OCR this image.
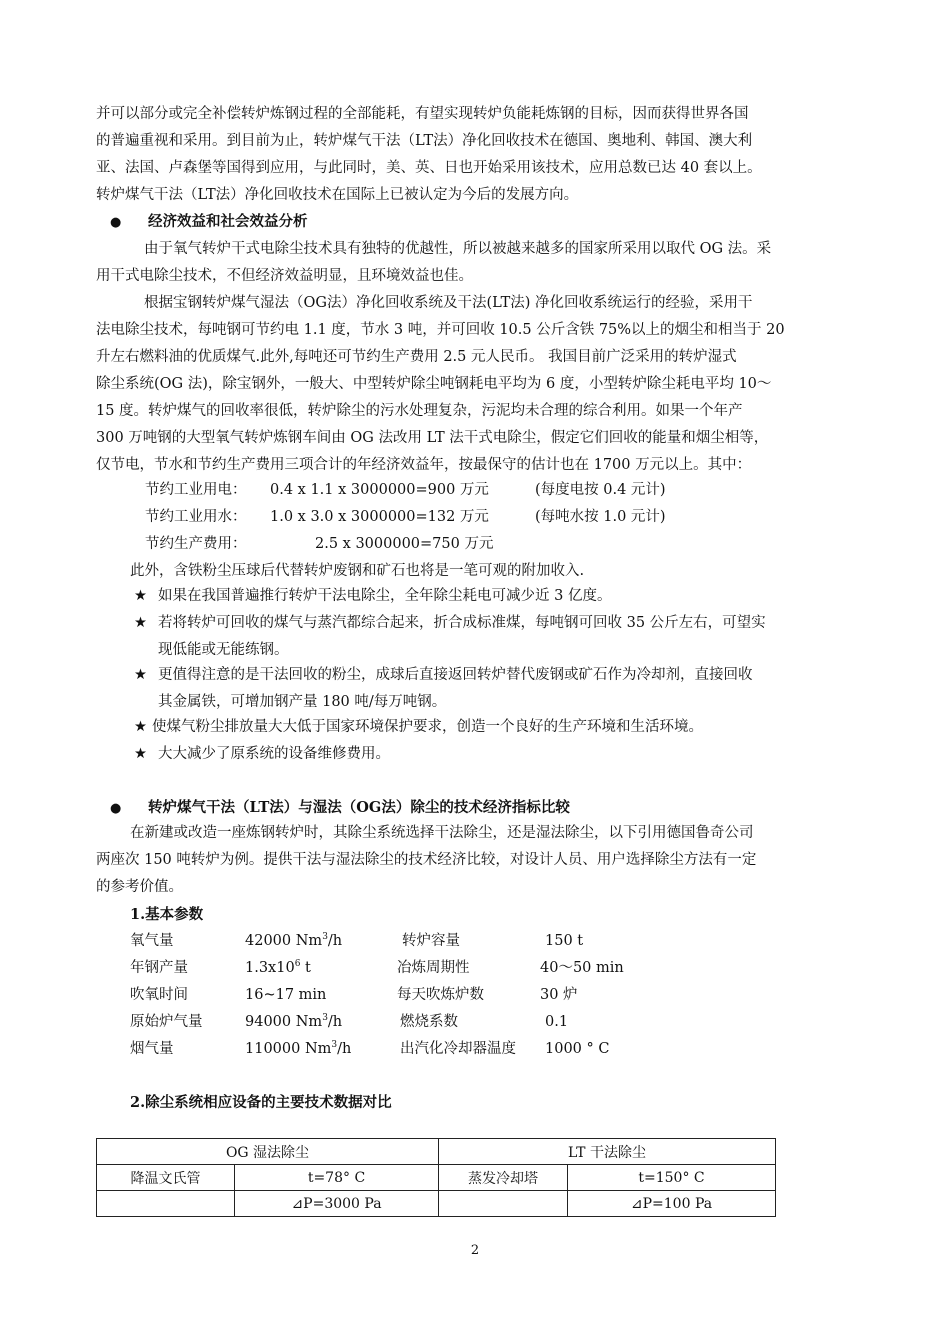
并可以部分或完全补偿转炉炼钢过程的全部能耗，有望实现转炉负能耗炼钢的目标，因而获得世界各国
的普遍重视和采用。到目前为止，转炉煤气干法（LT法）净化回收技术在德国、奥地利、韩国、澳大利
亚、法国、卢森堡等国得到应用，与此同时，美、英、日也开始采用该技术，应用总数已达 40 套以上。
转炉煤气干法（LT法）净化回收技术在国际上已被认定为今后的发展方向。
● 经济效益和社会效益分析
由于氧气转炉干式电除尘技术具有独特的优越性，所以被越来越多的国家所采用以取代 OG 法。采
用干式电除尘技术，不但经济效益明显，且环境效益也佳。
根据宝钢转炉煤气湿法（OG法）净化回收系统及干法(LT法) 净化回收系统运行的经验，采用干
法电除尘技术，每吨钢可节约电 1.1 度，节水 3 吨，并可回收 10.5 公斤含铁 75%以上的烟尘和相当于 20
升左右燃料油的优质煤气.此外,每吨还可节约生产费用 2.5 元人民币。 我国目前广泛采用的转炉湿式
除尘系统(OG 法)，除宝钢外，一般大、中型转炉除尘吨钢耗电平均为 6 度，小型转炉除尘耗电平均 10～
15 度。转炉煤气的回收率很低，转炉除尘的污水处理复杂，污泥均未合理的综合利用。如果一个年产
300 万吨钢的大型氧气转炉炼钢车间由 OG 法改用 LT 法干式电除尘，假定它们回收的能量和烟尘相等，
仅节电，节水和节约生产费用三项合计的年经济效益年，按最保守的估计也在 1700 万元以上。其中：
节约工业用电： 0.4 x 1.1 x 3000000=900 万元	(每度电按 0.4 元计)
节约工业用水： 1.0 x 3.0 x 3000000=132 万元	(每吨水按 1.0 元计)
节约生产费用：	2.5 x 3000000=750 万元
此外，含铁粉尘压球后代替转炉废钢和矿石也将是一笔可观的附加收入.
★ 如果在我国普遍推行转炉干法电除尘，全年除尘耗电可减少近 3 亿度。
★ 若将转炉可回收的煤气与蒸汽都综合起来，折合成标准煤，每吨钢可回收 35 公斤左右，可望实
现低能或无能练钢。
★ 更值得注意的是干法回收的粉尘，成球后直接返回转炉替代废钢或矿石作为冷却剂，直接回收
其金属铁，可增加钢产量 180 吨/每万吨钢。
★ 使煤气粉尘排放量大大低于国家环境保护要求，创造一个良好的生产环境和生活环境。
★ 大大减少了原系统的设备维修费用。
● 转炉煤气干法（LT法）与湿法（OG法）除尘的技术经济指标比较
在新建或改造一座炼钢转炉时，其除尘系统选择干法除尘，还是湿法除尘，以下引用德国鲁奇公司
两座次 150 吨转炉为例。提供干法与湿法除尘的技术经济比较，对设计人员、用户选择除尘方法有一定
的参考价值。
1.基本参数
氧气量	42000 Nm$^3$/h	转炉容量	150 t
年钢产量	$1.3x10^6$ t	冶炼周期性	40～50 min
吹氧时间	16~17 min	每天吹炼炉数	30 炉
原始炉气量	94000 Nm$^3$/h	燃烧系数	0.1
烟气量	110000 Nm$^3$/h	出汽化冷却器温度 1000 ° C
2.除尘系统相应设备的主要技术数据对比
OG 湿法除尘		LT 干法除尘	
降温文氏管	t=78° C	蒸发冷却塔	t=150° C
	⊿P=3000 Pa		⊿P=100 Pa
2
